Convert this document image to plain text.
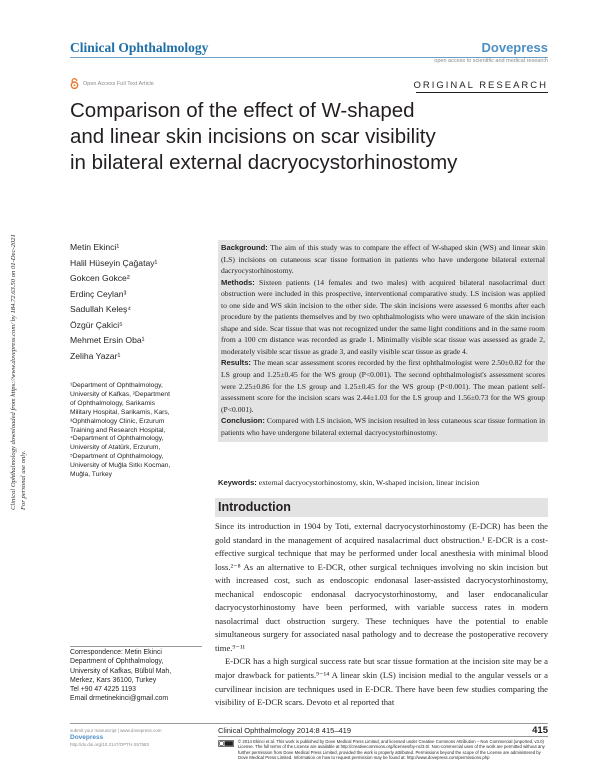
Clinical Ophthalmology	Dovepress
open access to scientific and medical research
Open Access Full Text Article	ORIGINAL RESEARCH
Comparison of the effect of W-shaped
and linear skin incisions on scar visibility
in bilateral external dacryocystorhinostomy
Clinical Ophthalmology downloaded from https://www.dovepress.com/ by 184.72.63.50 on 01-Dec-2021 For personal use only.
Metin Ekinci¹
Halil Hüseyin Çağatay¹
Gokcen Gokce²
Erdinç Ceylan³
Sadullah Keleş⁴
Özgür Çakici⁵
Mehmet Ersin Oba¹
Zeliha Yazar¹
¹Department of Ophthalmology,
University of Kafkas, ²Department
of Ophthalmology, Sarikamis
Military Hospital, Sarikamis, Kars,
³Ophthalmology Clinic, Erzurum
Training and Research Hospital,
⁴Department of Ophthalmology,
University of Atatürk, Erzurum,
⁵Department of Ophthalmology,
University of Muğla Sıtkı Kocman,
Muğla, Turkey

Background: The aim of this study was to compare the effect of W-shaped skin (WS) and linear skin (LS) incisions on cutaneous scar tissue formation in patients who have undergone bilateral external dacryocystorhinostomy.

Methods: Sixteen patients (14 females and two males) with acquired bilateral nasolacrimal duct obstruction were included in this prospective, interventional comparative study. LS incision was applied to one side and WS skin incision to the other side. The skin incisions were assessed 6 months after each procedure by the patients themselves and by two ophthalmologists who were unaware of the skin incision shape and side. Scar tissue that was not recognized under the same light conditions and in the same room from a 100 cm distance was recorded as grade 1. Minimally visible scar tissue was assessed as grade 2, moderately visible scar tissue as grade 3, and easily visible scar tissue as grade 4.

Results: The mean scar assessment scores recorded by the first ophthalmologist were 2.50±0.82 for the LS group and 1.25±0.45 for the WS group (P<0.001). The second ophthalmologist's assessment scores were 2.25±0.86 for the LS group and 1.25±0.45 for the WS group (P<0.001). The mean patient self-assessment score for the incision scars was 2.44±1.03 for the LS group and 1.56±0.73 for the WS group (P<0.001).

Conclusion: Compared with LS incision, WS incision resulted in less cutaneous scar tissue formation in patients who have undergone bilateral external dacryocystorhinostomy.

Keywords: external dacryocystorhinostomy, skin, W-shaped incision, linear incision
Introduction

Since its introduction in 1904 by Toti, external dacryocystorhinostomy (E-DCR) has been the gold standard in the management of acquired nasalacrimal duct obstruction.¹ E-DCR is a cost-effective surgical technique that may be performed under local anesthesia with minimal blood loss.²⁻⁸ As an alternative to E-DCR, other surgical techniques involving no skin incision but with increased cost, such as endoscopic endonasal laser-assisted dacryocystorhinostomy, mechanical endoscopic endonasal dacryocystorhinostomy, and laser endocanalicular dacryocystorhinostomy have been performed, with variable success rates in modern nasolacrimal duct obstruction surgery. These techniques have the potential to enable simultaneous surgery for associated nasal pathology and to decrease the postoperative recovery time.⁹⁻¹¹

E-DCR has a high surgical success rate but scar tissue formation at the incision site may be a major drawback for patients.⁹⁻¹⁴ A linear skin (LS) incision medial to the angular vessels or a curvilinear incision are techniques used in E-DCR. There have been few studies comparing the visibility of E-DCR scars. Devoto et al reported that

Correspondence: Metin Ekinci
Department of Ophthalmology,
University of Kafkas, Bülbül Mah,
Merkez, Kars 36100, Turkey
Tel +90 47 4225 1193
Email drmetinekinci@gmail.com
submit your manuscript | www.dovepress.com
Dovepress
http://dx.doi.org/10.2147/OPTH.S57583
Clinical Ophthalmology 2014:8 415–419	415
© 2014 Ekinci et al. This work is published by Dove Medical Press Limited, and licensed under Creative Commons Attribution – Non Commercial (unported, v3.0) License. The full terms of the License are available at http://creativecommons.org/licenses/by-nc/3.0/. Non-commercial uses of the work are permitted without any further permission from Dove Medical Press Limited, provided the work is properly attributed. Permissions beyond the scope of the License are administered by Dove Medical Press Limited. Information on how to request permission may be found at: http://www.dovepress.com/permissions.php
